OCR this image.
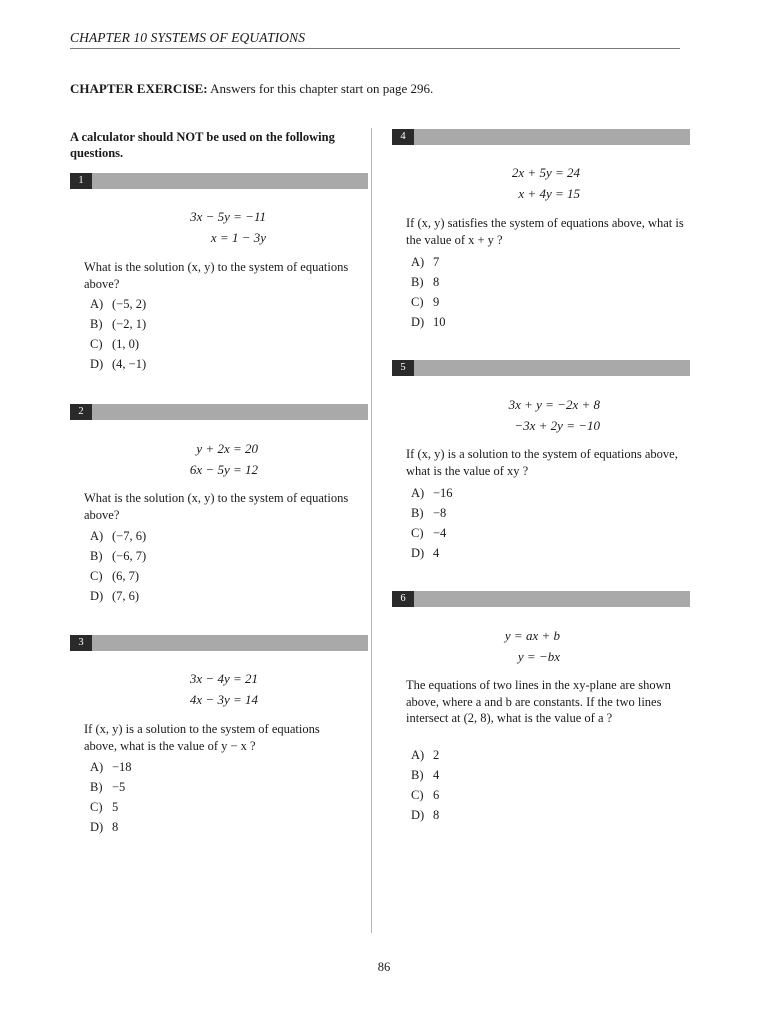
CHAPTER 10 SYSTEMS OF EQUATIONS
CHAPTER EXERCISE: Answers for this chapter start on page 296.
A calculator should NOT be used on the following questions.
1
3x − 5y = −11
x = 1 − 3y
What is the solution (x, y) to the system of equations above?
A) (−5, 2)
B) (−2, 1)
C) (1, 0)
D) (4, −1)
2
y + 2x = 20
6x − 5y = 12
What is the solution (x, y) to the system of equations above?
A) (−7, 6)
B) (−6, 7)
C) (6, 7)
D) (7, 6)
3
3x − 4y = 21
4x − 3y = 14
If (x, y) is a solution to the system of equations above, what is the value of y − x ?
A) −18
B) −5
C) 5
D) 8
4
2x + 5y = 24
x + 4y = 15
If (x, y) satisfies the system of equations above, what is the value of x + y ?
A) 7
B) 8
C) 9
D) 10
5
3x + y = −2x + 8
−3x + 2y = −10
If (x, y) is a solution to the system of equations above, what is the value of xy ?
A) −16
B) −8
C) −4
D) 4
6
y = ax + b
y = −bx
The equations of two lines in the xy-plane are shown above, where a and b are constants. If the two lines intersect at (2, 8), what is the value of a ?
A) 2
B) 4
C) 6
D) 8
86
